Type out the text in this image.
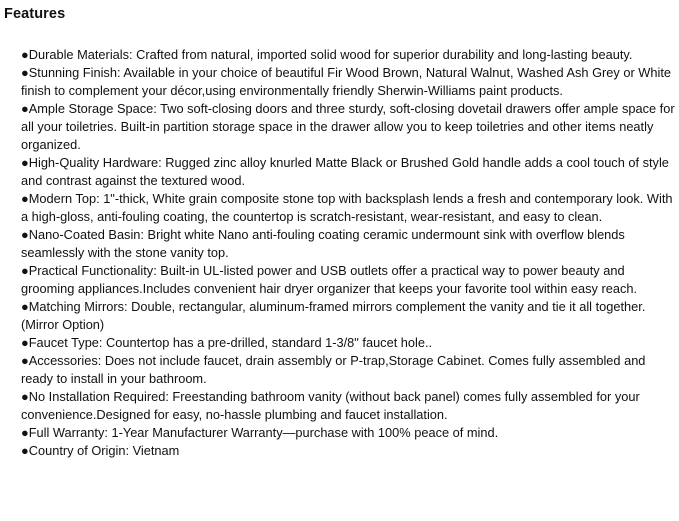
Features
●Durable Materials: Crafted from natural, imported solid wood for superior durability and long-lasting beauty.
●Stunning Finish: Available in your choice of beautiful Fir Wood Brown, Natural Walnut, Washed Ash Grey or White finish to complement your décor,using environmentally friendly Sherwin-Williams paint products.
●Ample Storage Space: Two soft-closing doors and three sturdy, soft-closing dovetail drawers offer ample space for all your toiletries. Built-in partition storage space in the drawer allow you to keep toiletries and other items neatly organized.
●High-Quality Hardware: Rugged zinc alloy knurled Matte Black or Brushed Gold handle adds a cool touch of style and contrast against the textured wood.
●Modern Top: 1"-thick, White grain composite stone top with backsplash lends a fresh and contemporary look. With a high-gloss, anti-fouling coating, the countertop is scratch-resistant, wear-resistant, and easy to clean.
●Nano-Coated Basin: Bright white Nano anti-fouling coating ceramic undermount sink with overflow blends seamlessly with the stone vanity top.
●Practical Functionality: Built-in UL-listed power and USB outlets offer a practical way to power beauty and grooming appliances.Includes convenient hair dryer organizer that keeps your favorite tool within easy reach.
●Matching Mirrors: Double, rectangular, aluminum-framed mirrors complement the vanity and tie it all together. (Mirror Option)
●Faucet Type: Countertop has a pre-drilled, standard 1-3/8" faucet hole..
●Accessories: Does not include faucet, drain assembly or P-trap,Storage Cabinet. Comes fully assembled and ready to install in your bathroom.
●No Installation Required: Freestanding bathroom vanity (without back panel) comes fully assembled for your convenience.Designed for easy, no-hassle plumbing and faucet installation.
●Full Warranty: 1-Year Manufacturer Warranty—purchase with 100% peace of mind.
●Country of Origin: Vietnam
